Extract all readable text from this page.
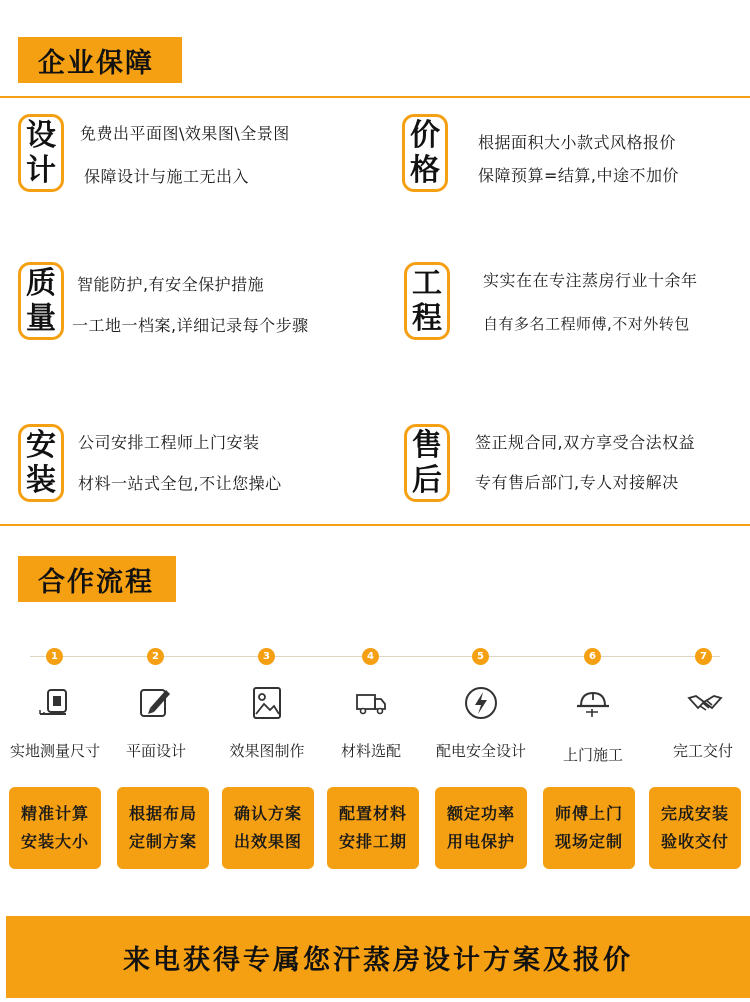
企业保障
设
计
免费出平面图\效果图\全景图
保障设计与施工无出入
价
格
根据面积大小款式风格报价
保障预算=结算,中途不加价
质
量
智能防护,有安全保护措施
一工地一档案,详细记录每个步骤
工
程
实实在在专注蒸房行业十余年
自有多名工程师傅,不对外转包
安
装
公司安排工程师上门安装
材料一站式全包,不让您操心
售
后
签正规合同,双方享受合法权益
专有售后部门,专人对接解决
合作流程
1	2	3	4	5	6	7
实地测量尺寸	平面设计	效果图制作	材料选配	配电安全设计	上门施工	完工交付
精准计算
安装大小
根据布局
定制方案
确认方案
出效果图
配置材料
安排工期
额定功率
用电保护
师傅上门
现场定制
完成安装
验收交付
来电获得专属您汗蒸房设计方案及报价
